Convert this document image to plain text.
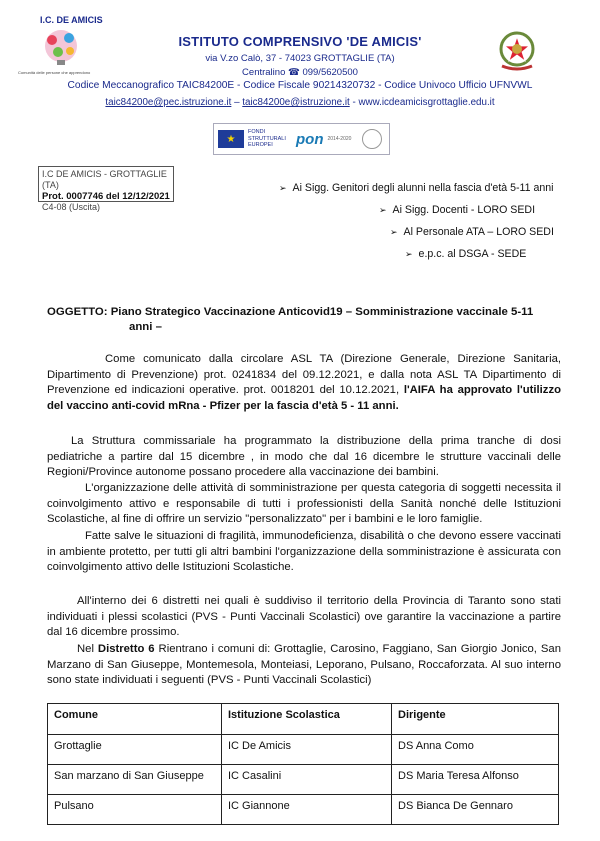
I.C. DE AMICIS
Comunità delle persone che apprendono
ISTITUTO COMPRENSIVO 'DE AMICIS'
via V.zo Calò, 37 - 74023 GROTTAGLIE (TA)
Centralino ☎ 099/5620500
Codice Meccanografico TAIC84200E - Codice Fiscale 90214320732 - Codice Univoco Ufficio UFNVWL
taic84200e@pec.istruzione.it – taic84200e@istruzione.it - www.icdeamicisgrottaglie.edu.it
★
FONDI STRUTTURALI EUROPEI	pon 2014-2020
I.C DE AMICIS - GROTTAGLIE (TA)
Prot. 0007746 del 12/12/2021
C4-08 (Uscita)
➢ Ai Sigg. Genitori degli alunni nella fascia d'età 5-11 anni
➢ Ai Sigg. Docenti - LORO SEDI
➢ Al Personale ATA – LORO SEDI
➢ e.p.c. al DSGA - SEDE
OGGETTO: Piano Strategico Vaccinazione Anticovid19 – Somministrazione vaccinale 5-11
anni –
Come comunicato dalla circolare ASL TA (Direzione Generale, Direzione Sanitaria, Dipartimento di Prevenzione) prot. 0241834 del 09.12.2021, e dalla nota ASL TA Dipartimento di Prevenzione ed indicazioni operative. prot. 0018201 del 10.12.2021, l'AIFA ha approvato l'utilizzo del vaccino anti-covid mRna - Pfizer per la fascia d'età 5 - 11 anni.
La Struttura commissariale ha programmato la distribuzione della prima tranche di dosi pediatriche a partire dal 15 dicembre , in modo che dal 16 dicembre le strutture vaccinali delle Regioni/Province autonome possano procedere alla vaccinazione dei bambini.
L'organizzazione delle attività di somministrazione per questa categoria di soggetti necessita il coinvolgimento attivo e responsabile di tutti i professionisti della Sanità nonché delle Istituzioni Scolastiche, al fine di offrire un servizio "personalizzato" per i bambini e le loro famiglie.
Fatte salve le situazioni di fragilità, immunodeficienza, disabilità o che devono essere vaccinati in ambiente protetto, per tutti gli altri bambini l'organizzazione della somministrazione è assicurata con coinvolgimento attivo delle Istituzioni Scolastiche.
All'interno dei 6 distretti nei quali è suddiviso il territorio della Provincia di Taranto sono stati individuati i plessi scolastici (PVS - Punti Vaccinali Scolastici) ove garantire la vaccinazione a partire dal 16 dicembre prossimo.
Nel Distretto 6 Rientrano i comuni di: Grottaglie, Carosino, Faggiano, San Giorgio Jonico, San Marzano di San Giuseppe, Montemesola, Monteiasi, Leporano, Pulsano, Roccaforzata. Al suo interno sono state individuati i seguenti (PVS - Punti Vaccinali Scolastici)
Comune	Istituzione Scolastica	Dirigente
Grottaglie	IC De Amicis	DS Anna Como
San marzano di San Giuseppe	IC Casalini	DS Maria Teresa Alfonso
Pulsano	IC Giannone	DS Bianca De Gennaro
